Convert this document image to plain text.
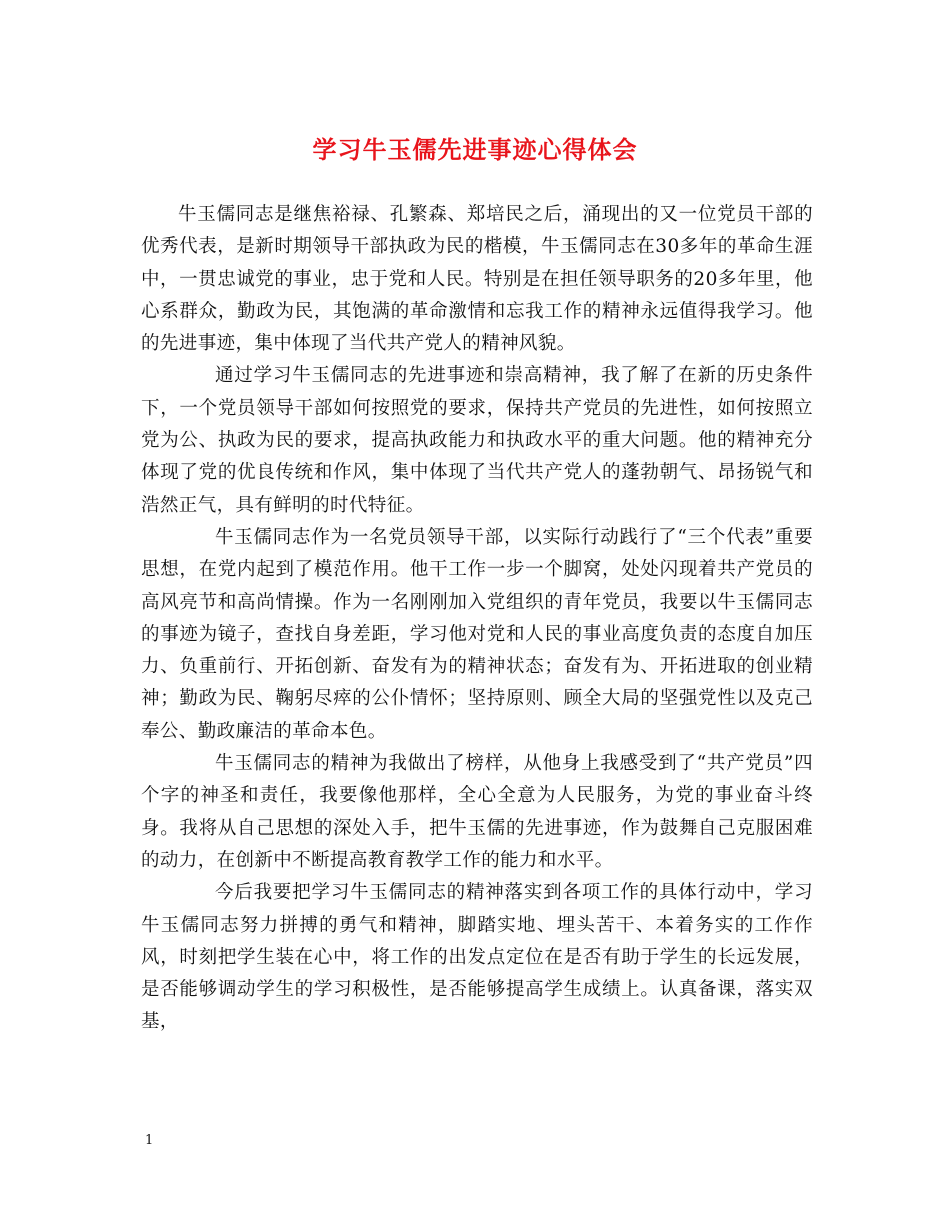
学习牛玉儒先进事迹心得体会

牛玉儒同志是继焦裕禄、孔繁森、郑培民之后，涌现出的又一位党员干部的优秀代表，是新时期领导干部执政为民的楷模，牛玉儒同志在30多年的革命生涯中，一贯忠诚党的事业，忠于党和人民。特别是在担任领导职务的20多年里，他心系群众，勤政为民，其饱满的革命激情和忘我工作的精神永远值得我学习。他的先进事迹，集中体现了当代共产党人的精神风貌。

通过学习牛玉儒同志的先进事迹和崇高精神，我了解了在新的历史条件下，一个党员领导干部如何按照党的要求，保持共产党员的先进性，如何按照立党为公、执政为民的要求，提高执政能力和执政水平的重大问题。他的精神充分体现了党的优良传统和作风，集中体现了当代共产党人的蓬勃朝气、昂扬锐气和浩然正气，具有鲜明的时代特征。

牛玉儒同志作为一名党员领导干部，以实际行动践行了“三个代表”重要思想，在党内起到了模范作用。他干工作一步一个脚窝，处处闪现着共产党员的高风亮节和高尚情操。作为一名刚刚加入党组织的青年党员，我要以牛玉儒同志的事迹为镜子，查找自身差距，学习他对党和人民的事业高度负责的态度自加压力、负重前行、开拓创新、奋发有为的精神状态；奋发有为、开拓进取的创业精神；勤政为民、鞠躬尽瘁的公仆情怀；坚持原则、顾全大局的坚强党性以及克己奉公、勤政廉洁的革命本色。

牛玉儒同志的精神为我做出了榜样，从他身上我感受到了“共产党员”四个字的神圣和责任，我要像他那样，全心全意为人民服务，为党的事业奋斗终身。我将从自己思想的深处入手，把牛玉儒的先进事迹，作为鼓舞自己克服困难的动力，在创新中不断提高教育教学工作的能力和水平。

今后我要把学习牛玉儒同志的精神落实到各项工作的具体行动中，学习牛玉儒同志努力拼搏的勇气和精神，脚踏实地、埋头苦干、本着务实的工作作风，时刻把学生装在心中，将工作的出发点定位在是否有助于学生的长远发展，是否能够调动学生的学习积极性，是否能够提高学生成绩上。认真备课，落实双基，

1
